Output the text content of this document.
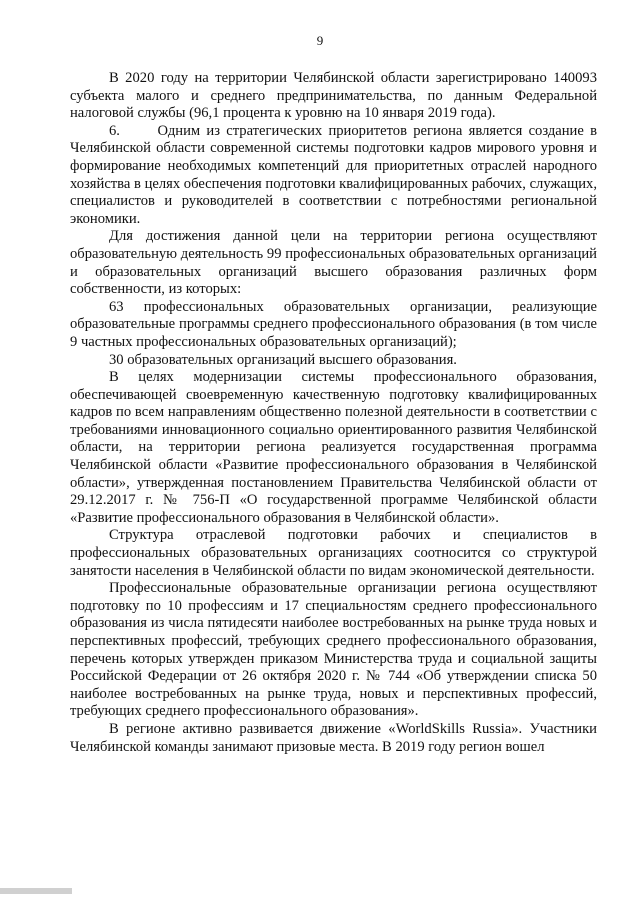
9

В 2020 году на территории Челябинской области зарегистрировано 140093 субъекта малого и среднего предпринимательства, по данным Федеральной налоговой службы (96,1 процента к уровню на 10 января 2019 года).

6.      Одним из стратегических приоритетов региона является создание в Челябинской области современной системы подготовки кадров мирового уровня и формирование необходимых компетенций для приоритетных отраслей народного хозяйства в целях обеспечения подготовки квалифицированных рабочих, служащих, специалистов и руководителей в соответствии с потребностями региональной экономики.

Для достижения данной цели на территории региона осуществляют образовательную деятельность 99 профессиональных образовательных организаций и образовательных организаций высшего образования различных форм собственности, из которых:

63 профессиональных образовательных организации, реализующие образовательные программы среднего профессионального образования (в том числе 9 частных профессиональных образовательных организаций);

30 образовательных организаций высшего образования.

В целях модернизации системы профессионального образования, обеспечивающей своевременную качественную подготовку квалифицированных кадров по всем направлениям общественно полезной деятельности в соответствии с требованиями инновационного социально ориентированного развития Челябинской области, на территории региона реализуется государственная программа Челябинской области «Развитие профессионального образования в Челябинской области», утвержденная постановлением Правительства Челябинской области от 29.12.2017 г. № 756-П «О государственной программе Челябинской области «Развитие профессионального образования в Челябинской области».

Структура отраслевой подготовки рабочих и специалистов в профессиональных образовательных организациях соотносится со структурой занятости населения в Челябинской области по видам экономической деятельности.

Профессиональные образовательные организации региона осуществляют подготовку по 10 профессиям и 17 специальностям среднего профессионального образования из числа пятидесяти наиболее востребованных на рынке труда новых и перспективных профессий, требующих среднего профессионального образования, перечень которых утвержден приказом Министерства труда и социальной защиты Российской Федерации от 26 октября 2020 г. № 744 «Об утверждении списка 50 наиболее востребованных на рынке труда, новых и перспективных профессий, требующих среднего профессионального образования».

В регионе активно развивается движение «WorldSkills Russia». Участники Челябинской команды занимают призовые места. В 2019 году регион вошел
